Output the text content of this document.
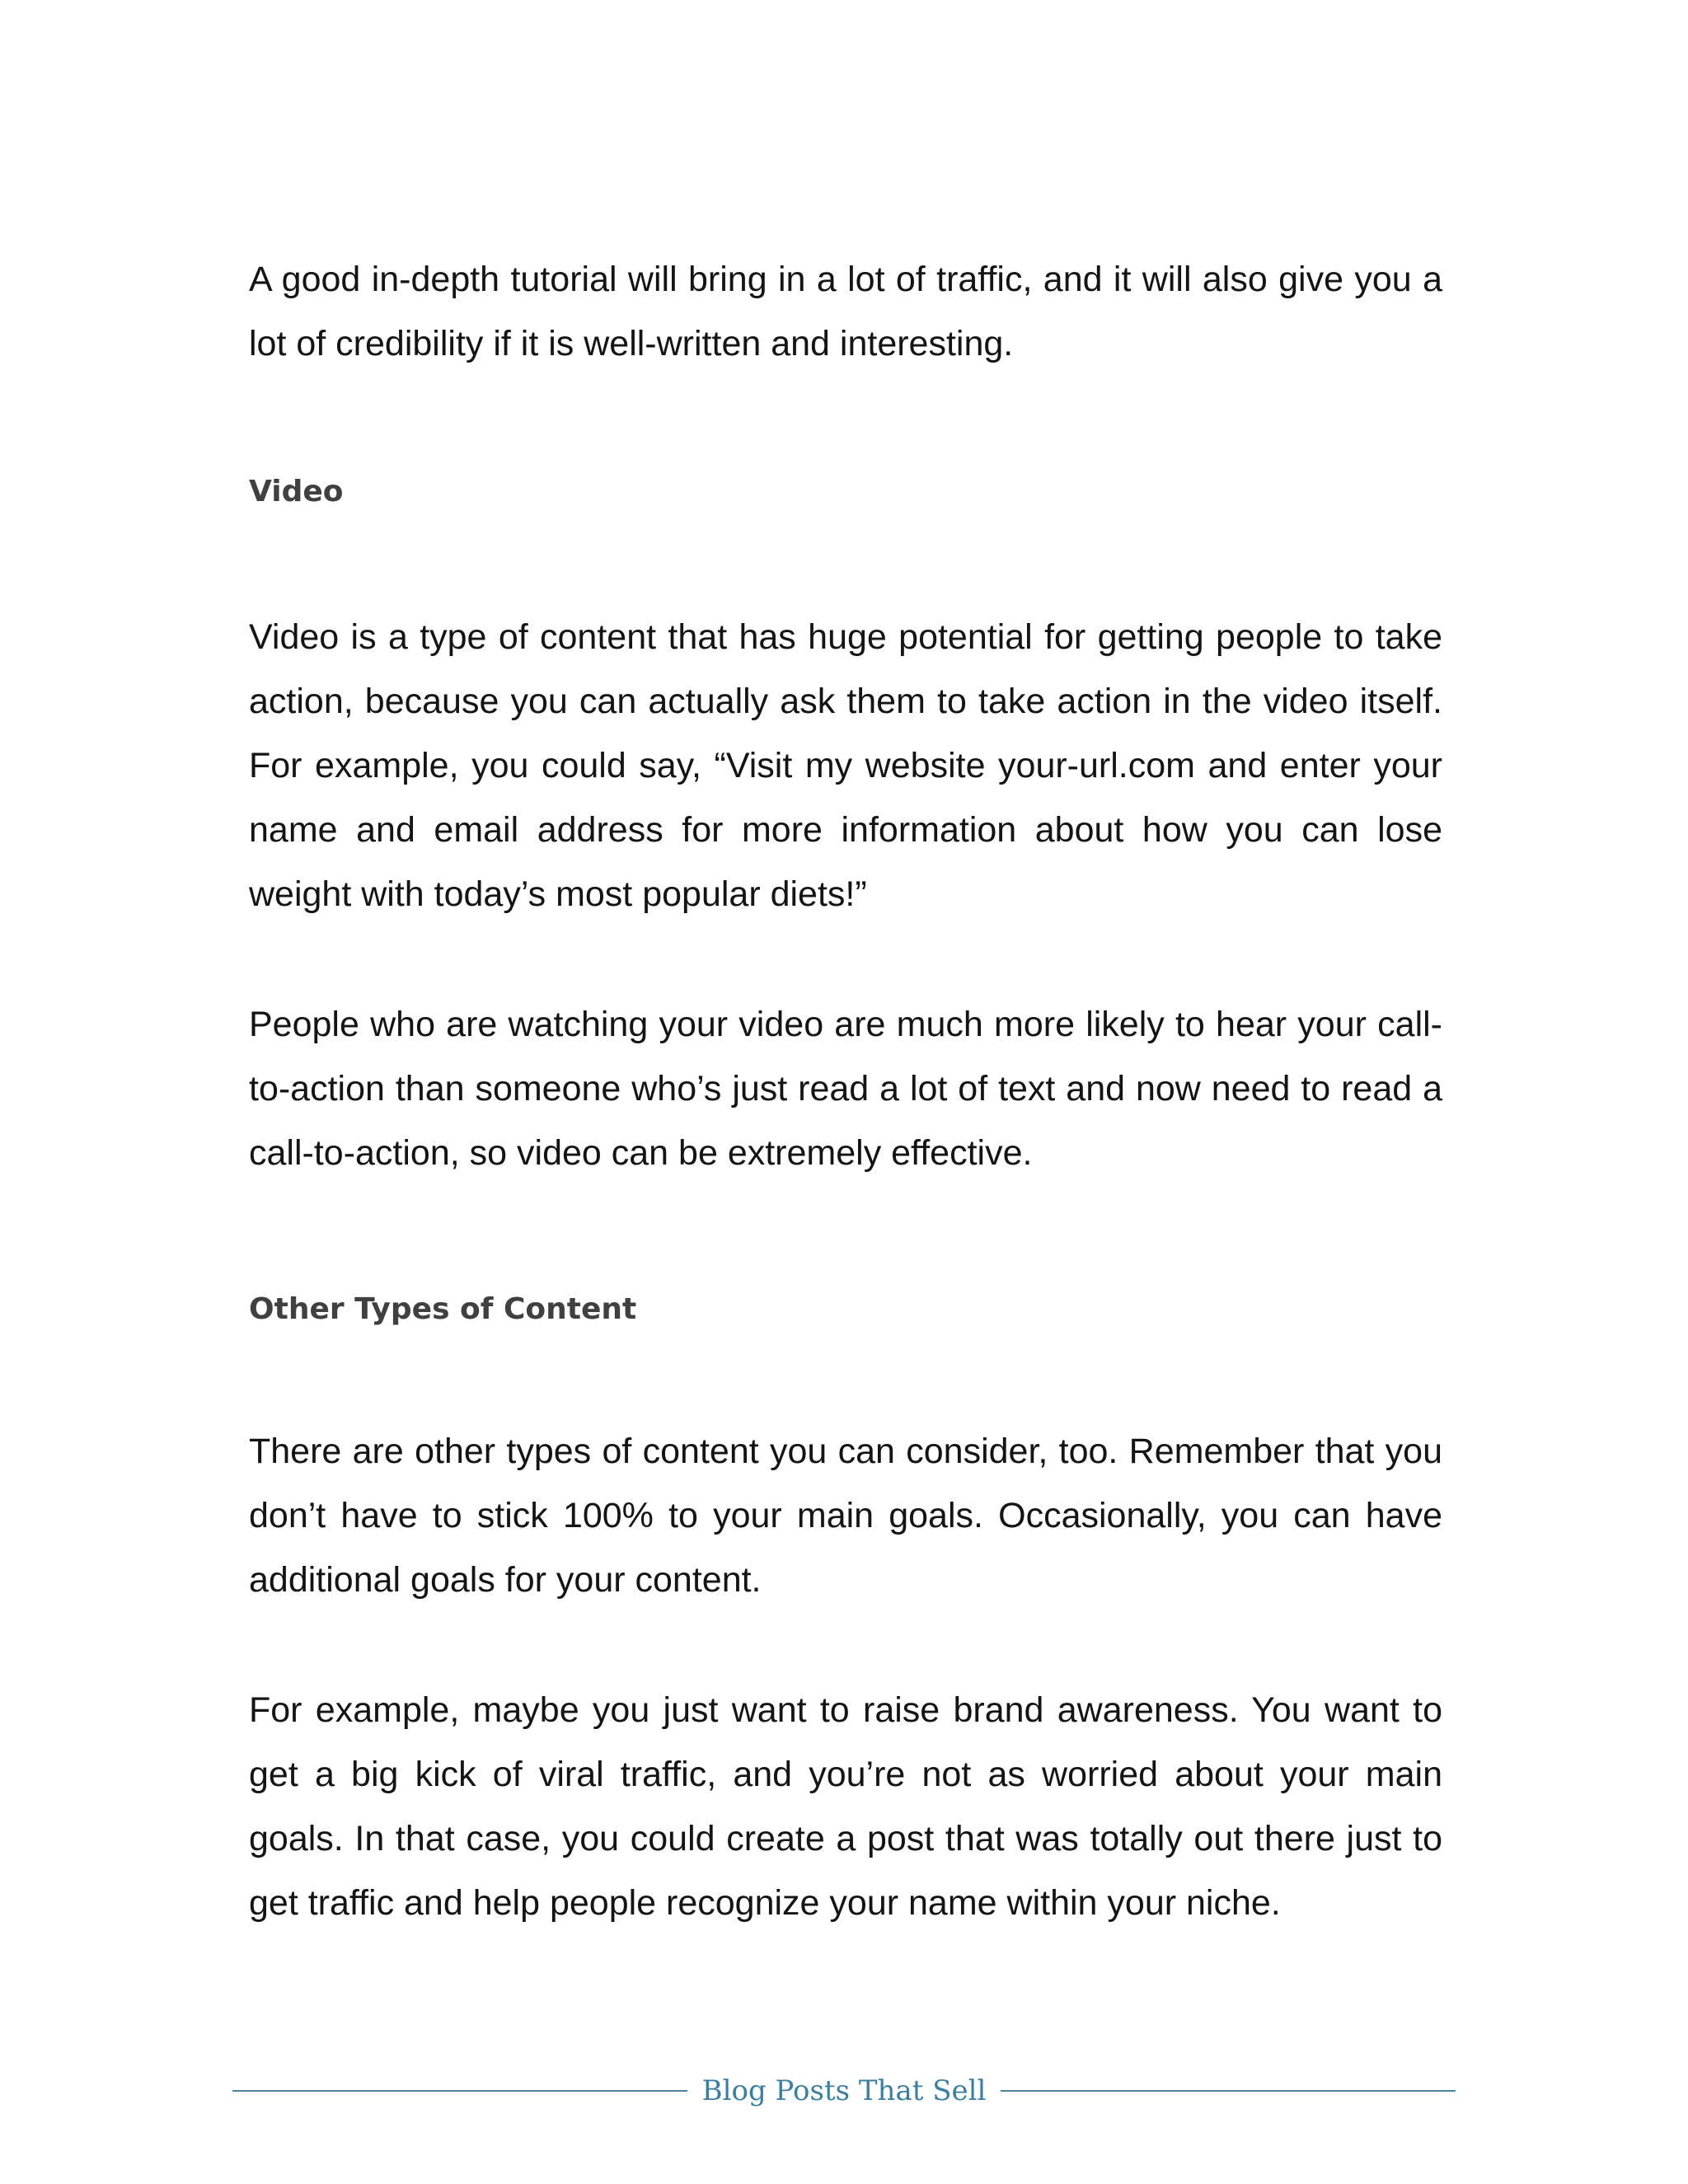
A good in-depth tutorial will bring in a lot of traffic, and it will also give you a lot of credibility if it is well-written and interesting.

Video

Video is a type of content that has huge potential for getting people to take action, because you can actually ask them to take action in the video itself. For example, you could say, “Visit my website your-url.com and enter your name and email address for more information about how you can lose weight with today’s most popular diets!”

People who are watching your video are much more likely to hear your call-to-action than someone who’s just read a lot of text and now need to read a call-to-action, so video can be extremely effective.

Other Types of Content

There are other types of content you can consider, too. Remember that you don’t have to stick 100% to your main goals. Occasionally, you can have additional goals for your content.

For example, maybe you just want to raise brand awareness. You want to get a big kick of viral traffic, and you’re not as worried about your main goals. In that case, you could create a post that was totally out there just to get traffic and help people recognize your name within your niche.

Blog Posts That Sell
